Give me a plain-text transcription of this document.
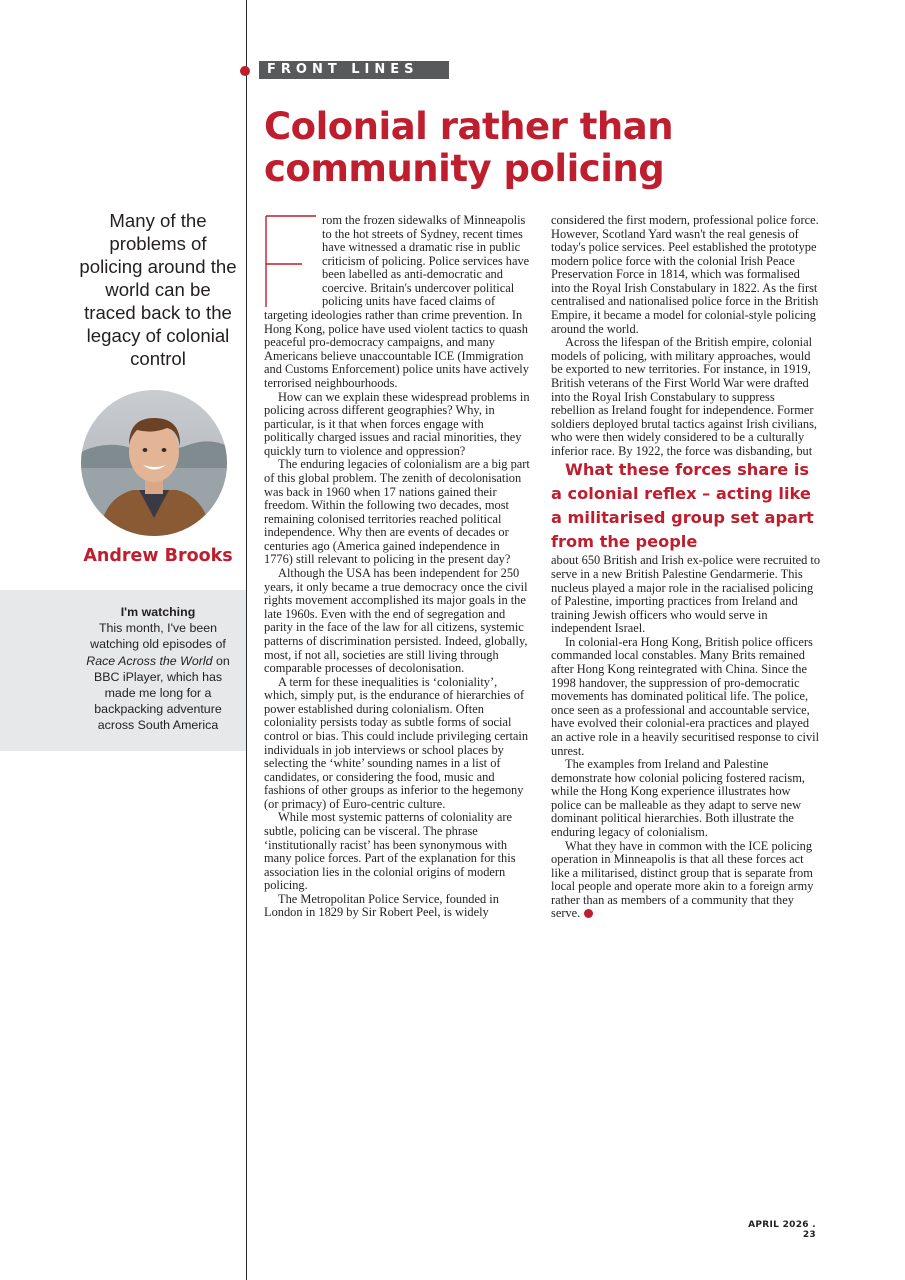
Many of the problems of policing around the world can be traced back to the legacy of colonial control

Andrew Brooks

I'm watching
This month, I've been watching old episodes of Race Across the World on BBC iPlayer, which has made me long for a backpacking adventure across South America

FRONT LINES

Colonial rather than community policing

rom the frozen sidewalks of Minneapolis to the hot streets of Sydney, recent times have witnessed a dramatic rise in public criticism of policing. Police services have been labelled as anti-democratic and coercive. Britain's undercover political policing units have faced claims of targeting ideologies rather than crime prevention. In Hong Kong, police have used violent tactics to quash peaceful pro-democracy campaigns, and many Americans believe unaccountable ICE (Immigration and Customs Enforcement) police units have actively terrorised neighbourhoods.

How can we explain these widespread problems in policing across different geographies? Why, in particular, is it that when forces engage with politically charged issues and racial minorities, they quickly turn to violence and oppression?

The enduring legacies of colonialism are a big part of this global problem. The zenith of decolonisation was back in 1960 when 17 nations gained their freedom. Within the following two decades, most remaining colonised territories reached political independence. Why then are events of decades or centuries ago (America gained independence in 1776) still relevant to policing in the present day?

Although the USA has been independent for 250 years, it only became a true democracy once the civil rights movement accomplished its major goals in the late 1960s. Even with the end of segregation and parity in the face of the law for all citizens, systemic patterns of discrimination persisted. Indeed, globally, most, if not all, societies are still living through comparable processes of decolonisation.

A term for these inequalities is ‘coloniality’, which, simply put, is the endurance of hierarchies of power established during colonialism. Often coloniality persists today as subtle forms of social control or bias. This could include privileging certain individuals in job interviews or school places by selecting the ‘white’ sounding names in a list of candidates, or considering the food, music and fashions of other groups as inferior to the hegemony (or primacy) of Euro-centric culture.

While most systemic patterns of coloniality are subtle, policing can be visceral. The phrase ‘institutionally racist’ has been synonymous with many police forces. Part of the explanation for this association lies in the colonial origins of modern policing.

The Metropolitan Police Service, founded in London in 1829 by Sir Robert Peel, is widely

considered the first modern, professional police force. However, Scotland Yard wasn't the real genesis of today's police services. Peel established the prototype modern police force with the colonial Irish Peace Preservation Force in 1814, which was formalised into the Royal Irish Constabulary in 1822. As the first centralised and nationalised police force in the British Empire, it became a model for colonial-style policing around the world.

Across the lifespan of the British empire, colonial models of policing, with military approaches, would be exported to new territories. For instance, in 1919, British veterans of the First World War were drafted into the Royal Irish Constabulary to suppress rebellion as Ireland fought for independence. Former soldiers deployed brutal tactics against Irish civilians, who were then widely considered to be a culturally inferior race. By 1922, the force was disbanding, but

What these forces share is a colonial reflex – acting like a militarised group set apart from the people

about 650 British and Irish ex-police were recruited to serve in a new British Palestine Gendarmerie. This nucleus played a major role in the racialised policing of Palestine, importing practices from Ireland and training Jewish officers who would serve in independent Israel.

In colonial-era Hong Kong, British police officers commanded local constables. Many Brits remained after Hong Kong reintegrated with China. Since the 1998 handover, the suppression of pro-democratic movements has dominated political life. The police, once seen as a professional and accountable service, have evolved their colonial-era practices and played an active role in a heavily securitised response to civil unrest.

The examples from Ireland and Palestine demonstrate how colonial policing fostered racism, while the Hong Kong experience illustrates how police can be malleable as they adapt to serve new dominant political hierarchies. Both illustrate the enduring legacy of colonialism.

What they have in common with the ICE policing operation in Minneapolis is that all these forces act like a militarised, distinct group that is separate from local people and operate more akin to a foreign army rather than as members of a community that they serve.

APRIL 2026 . 23
